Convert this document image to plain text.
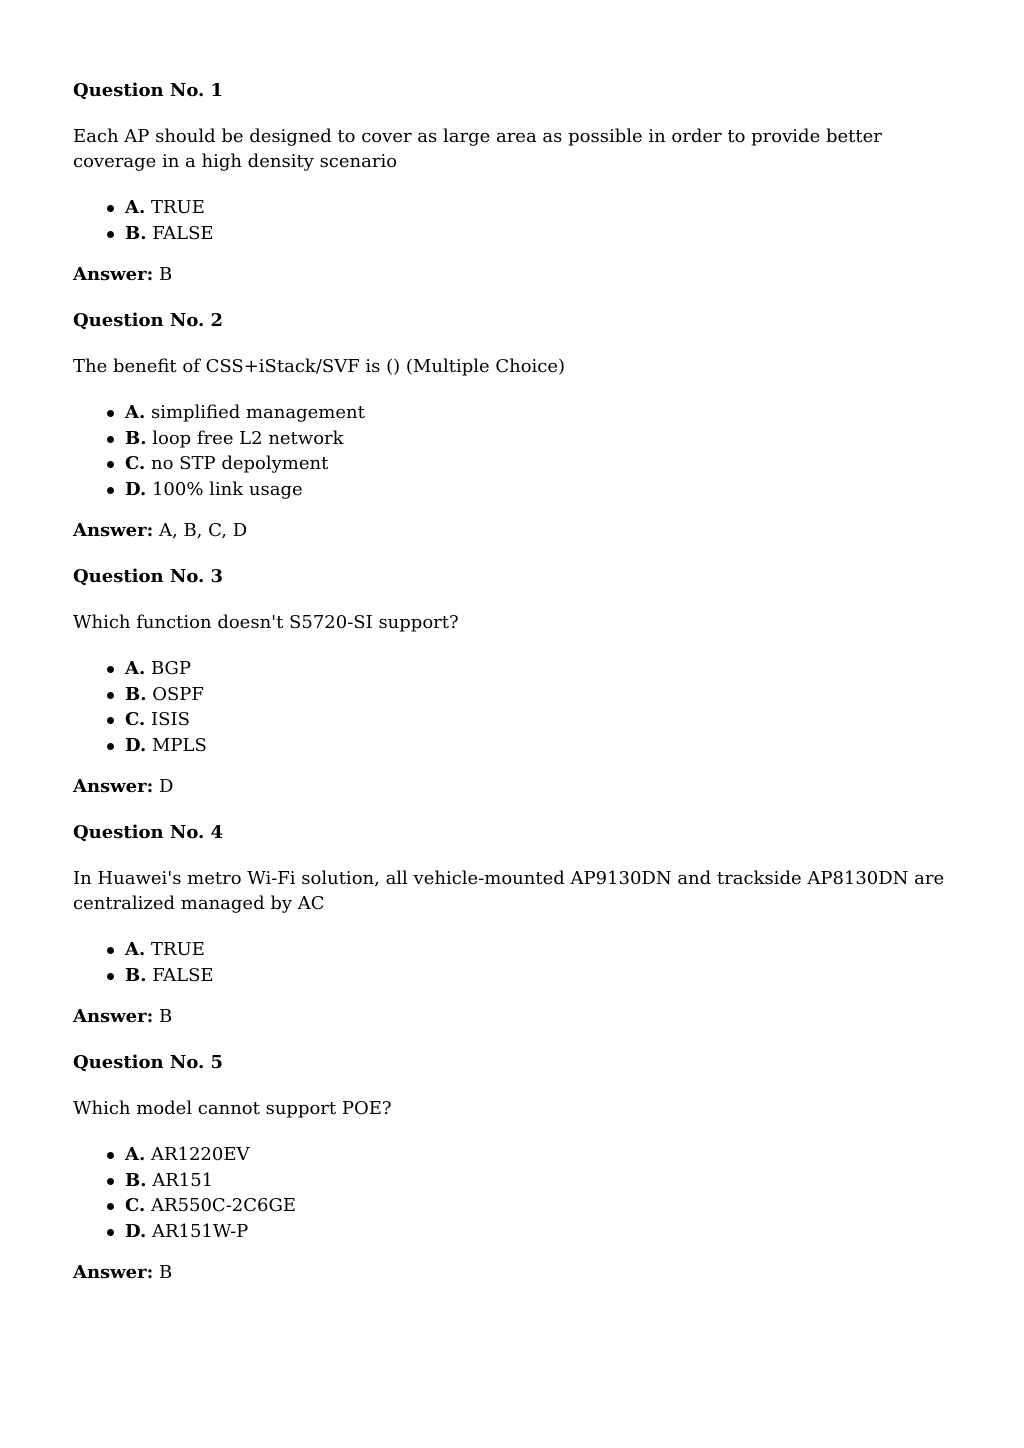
Question No. 1
Each AP should be designed to cover as large area as possible in order to provide better coverage in a high density scenario
A. TRUE
B. FALSE
Answer: B
Question No. 2
The benefit of CSS+iStack/SVF is () (Multiple Choice)
A. simplified management
B. loop free L2 network
C. no STP depolyment
D. 100% link usage
Answer: A, B, C, D
Question No. 3
Which function doesn't S5720-SI support?
A. BGP
B. OSPF
C. ISIS
D. MPLS
Answer: D
Question No. 4
In Huawei's metro Wi-Fi solution, all vehicle-mounted AP9130DN and trackside AP8130DN are centralized managed by AC
A. TRUE
B. FALSE
Answer: B
Question No. 5
Which model cannot support POE?
A. AR1220EV
B. AR151
C. AR550C-2C6GE
D. AR151W-P
Answer: B
